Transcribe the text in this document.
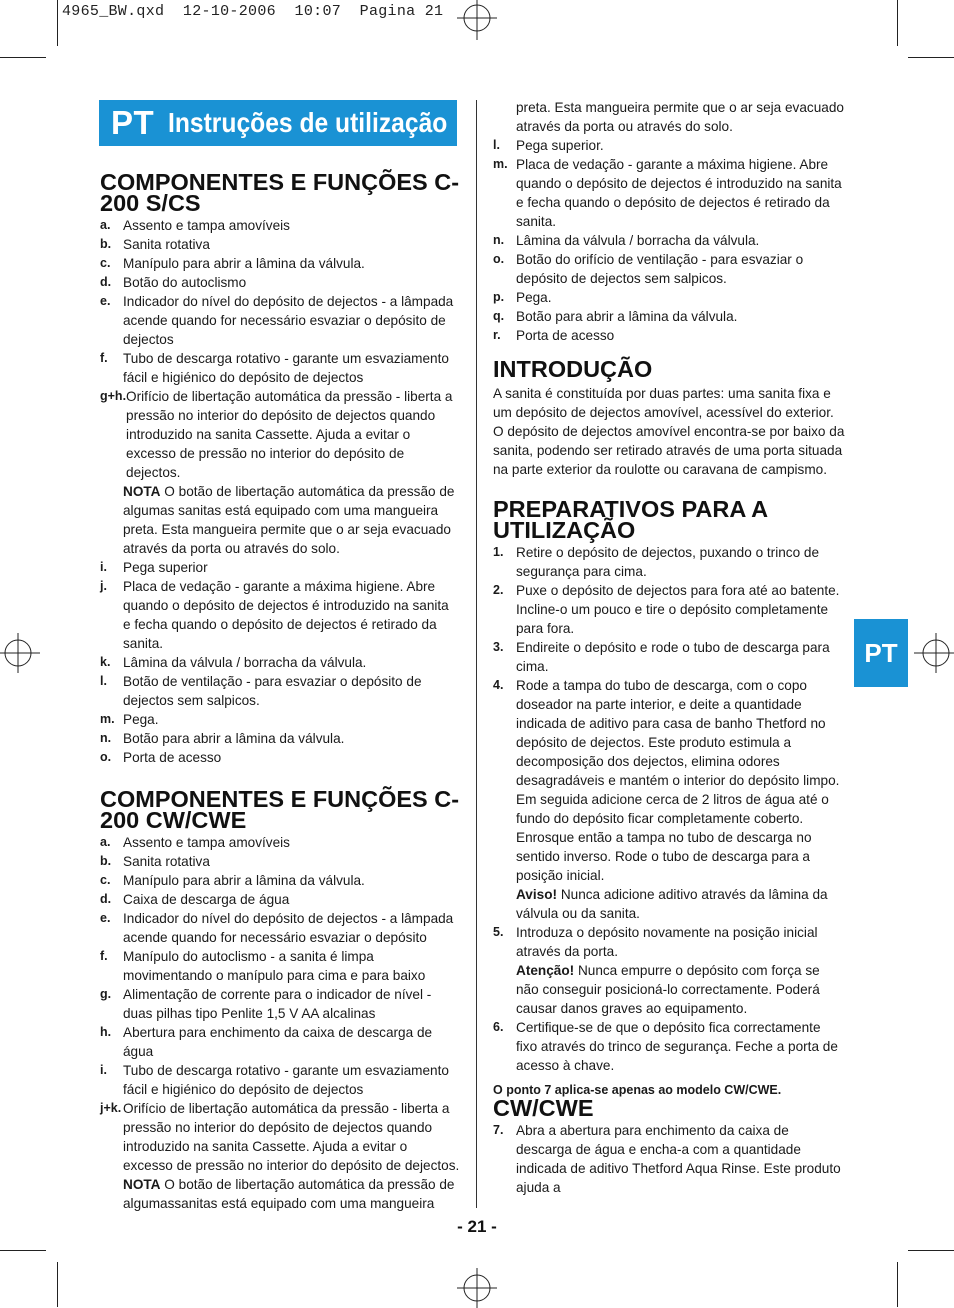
4965_BW.qxd  12-10-2006  10:07  Pagina 21
PT Instruções de utilização
PT
COMPONENTES E FUNÇÕES C-200 S/CS
a. Assento e tampa amovíveis
b. Sanita rotativa
c. Manípulo para abrir a lâmina da válvula.
d. Botão do autoclismo
e. Indicador do nível do depósito de dejectos - a lâmpada acende quando for necessário esvaziar o depósito de dejectos
f.	Tubo de descarga rotativo - garante um esvaziamento fácil e higiénico do depósito de dejectos
g+h. Orifício de libertação automática da pressão - liberta a pressão no interior do depósito de dejectos quando introduzido na sanita Cassette. Ajuda a evitar o excesso de pressão no interior do depósito de dejectos.
NOTA O botão de libertação automática da pressão de algumas sanitas está equipado com uma mangueira preta. Esta mangueira permite que o ar seja evacuado através da porta ou através do solo.
i.	Pega superior
j.	Placa de vedação - garante a máxima higiene. Abre quando o depósito de dejectos é introduzido na sanita e fecha quando o depósito de dejectos é retirado da sanita.
k. Lâmina da válvula / borracha da válvula.
l.	Botão de ventilação - para esvaziar o depósito de dejectos sem salpicos.
m. Pega.
n. Botão para abrir a lâmina da válvula.
o. Porta de acesso
COMPONENTES E FUNÇÕES C-200 CW/CWE
a. Assento e tampa amovíveis
b. Sanita rotativa
c. Manípulo para abrir a lâmina da válvula.
d. Caixa de descarga de água
e. Indicador do nível do depósito de dejectos - a lâmpada acende quando for necessário esvaziar o depósito
f.	Manípulo do autoclismo - a sanita é limpa movimentando o manípulo para cima e para baixo
g. Alimentação de corrente para o indicador de nível - duas pilhas tipo Penlite 1,5 V AA alcalinas
h. Abertura para enchimento da caixa de descarga de água
i.	Tubo de descarga rotativo - garante um esvaziamento fácil e higiénico do depósito de dejectos
j+k. Orifício de libertação automática da pressão - liberta a pressão no interior do depósito de dejectos quando introduzido na sanita Cassette. Ajuda a evitar o excesso de pressão no interior do depósito de dejectos.
NOTA O botão de libertação automática da pressão de algumassanitas está equipado com uma mangueira
preta. Esta mangueira permite que o ar seja evacuado através da porta ou através do solo.
l.	Pega superior.
m. Placa de vedação - garante a máxima higiene. Abre quando o depósito de dejectos é introduzido na sanita e fecha quando o depósito de dejectos é retirado da sanita.
n. Lâmina da válvula / borracha da válvula.
o. Botão do orifício de ventilação - para esvaziar o depósito de dejectos sem salpicos.
p. Pega.
q. Botão para abrir a lâmina da válvula.
r.	Porta de acesso
INTRODUÇÃO
A sanita é constituída por duas partes: uma sanita fixa e um depósito de dejectos amovível, acessível do exterior. O depósito de dejectos amovível encontra-se por baixo da sanita, podendo ser retirado através de uma porta situada na parte exterior da roulotte ou caravana de campismo.
PREPARATIVOS PARA A UTILIZAÇÃO
1. Retire o depósito de dejectos, puxando o trinco de segurança para cima.
2. Puxe o depósito de dejectos para fora até ao batente. Incline-o um pouco e tire o depósito completamente para fora.
3. Endireite o depósito e rode o tubo de descarga para cima.
4. Rode a tampa do tubo de descarga, com o copo doseador na parte interior, e deite a quantidade indicada de aditivo para casa de banho Thetford no depósito de dejectos. Este produto estimula a decomposição dos dejectos, elimina odores desagradáveis e mantém o interior do depósito limpo. Em seguida adicione cerca de 2 litros de água até o fundo do depósito ficar completamente coberto. Enrosque então a tampa no tubo de descarga no sentido inverso. Rode o tubo de descarga para a posição inicial.
Aviso! Nunca adicione aditivo através da lâmina da válvula ou da sanita.
5. Introduza o depósito novamente na posição inicial através da porta.
Atenção! Nunca empurre o depósito com força se não conseguir posicioná-lo correctamente. Poderá causar danos graves ao equipamento.
6. Certifique-se de que o depósito fica correctamente fixo através do trinco de segurança. Feche a porta de acesso à chave.
O ponto 7 aplica-se apenas ao modelo CW/CWE.
CW/CWE
7. Abra a abertura para enchimento da caixa de descarga de água e encha-a com a quantidade indicada de aditivo Thetford Aqua Rinse. Este produto ajuda a
- 21 -
